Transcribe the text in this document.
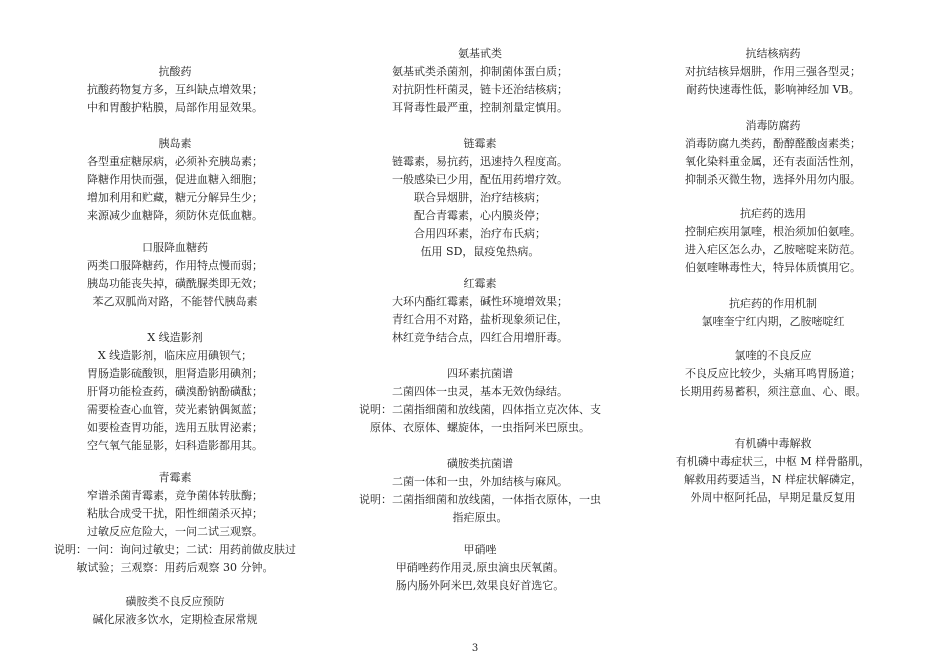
抗酸药
抗酸药物复方多，互纠缺点增效果；
中和胃酸护粘膜，局部作用显效果。
胰岛素
各型重症糖尿病，必须补充胰岛素；
降糖作用快而强，促进血糖入细胞；
增加利用和贮藏，糖元分解异生少；
来源减少血糖降，须防休克低血糖。
口服降血糖药
两类口服降糖药，作用特点慢而弱；
胰岛功能丧失掉，磺酰脲类即无效；
苯乙双胍尚对路，不能替代胰岛素
X 线造影剂
X 线造影剂，临床应用碘钡气；
胃肠造影硫酸钡，胆肾造影用碘剂；
肝肾功能检查药，磺溴酚钠酚磺酞；
需要检查心血管，荧光素钠偶氮蓝；
如要检查胃功能，选用五肽胃泌素；
空气氧气能显影，妇科造影都用其。
青霉素
窄谱杀菌青霉素，竞争菌体转肽酶；
粘肽合成受干扰，阳性细菌杀灭掉；
过敏反应危险大，一问二试三观察。
说明：一问：询问过敏史；二试：用药前做皮肤过
敏试验；三观察：用药后观察 30 分钟。
磺胺类不良反应预防
碱化尿液多饮水，定期检查尿常规
氨基甙类
氨基甙类杀菌剂，抑制菌体蛋白质；
对抗阴性杆菌灵，链卡还治结核病；
耳肾毒性最严重，控制剂量定慎用。
链霉素
链霉素，易抗药，迅速持久程度高。
一般感染已少用，配伍用药增疗效。
联合异烟肼，治疗结核病；
配合青霉素，心内膜炎停；
合用四环素，治疗布氏病；
伍用 SD，鼠疫兔热病。
红霉素
大环内酯红霉素，碱性环境增效果；
青红合用不对路，盐析现象须记住，
林红竞争结合点，四红合用增肝毒。
四环素抗菌谱
二菌四体一虫灵，基本无效伪绿结。
说明：二菌指细菌和放线菌，四体指立克次体、支
原体、衣原体、螺旋体，一虫指阿米巴原虫。
磺胺类抗菌谱
二菌一体和一虫，外加结核与麻风。
说明：二菌指细菌和放线菌，一体指衣原体，一虫
指疟原虫。
甲硝唑
甲硝唑药作用灵,原虫滴虫厌氧菌。
肠内肠外阿米巴,效果良好首选它。
抗结核病药
对抗结核异烟肼，作用三强各型灵；
耐药快速毒性低，影响神经加 VB。
消毒防腐药
消毒防腐九类药，酚醇醛酸卤素类；
氧化染料重金属，还有表面活性剂，
抑制杀灭微生物，选择外用勿内服。
抗疟药的选用
控制疟疾用氯喹，根治须加伯氨喹。
进入疟区怎么办，乙胺嘧啶来防范。
伯氨喹啉毒性大，特异体质慎用它。
抗疟药的作用机制
氯喹奎宁红内期，乙胺嘧啶红
氯喹的不良反应
不良反应比较少，头痛耳鸣胃肠道；
长期用药易蓄积，须注意血、心、眼。
有机磷中毒解救
有机磷中毒症状三，中枢 M 样骨骼肌，
解救用药要适当，N 样症状解磷定，
外周中枢阿托品，早期足量反复用
3
